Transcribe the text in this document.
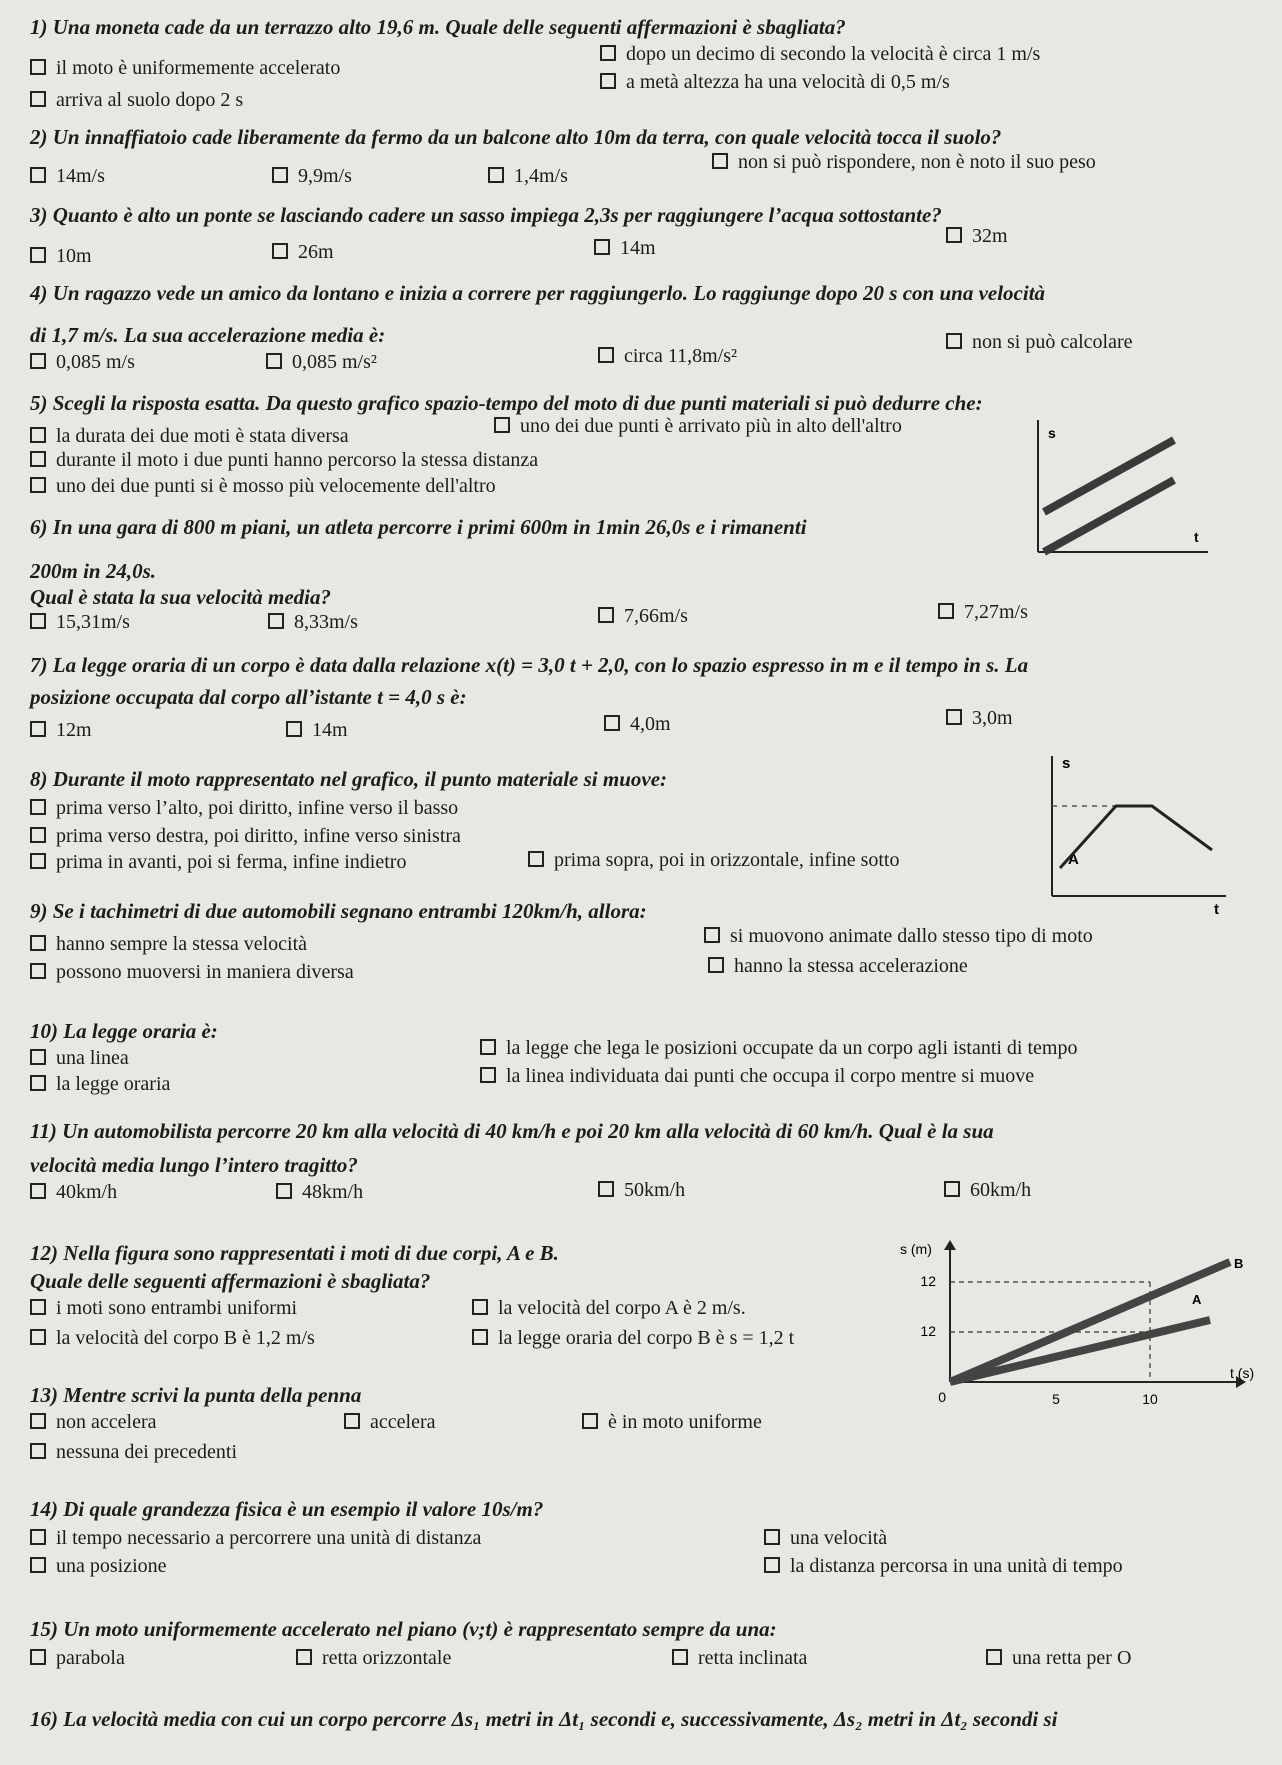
1) Una moneta cade da un terrazzo alto 19,6 m. Quale delle seguenti affermazioni è sbagliata?
il moto è uniformemente accelerato
dopo un decimo di secondo la velocità è circa 1 m/s
arriva al suolo dopo 2 s
a metà altezza ha una velocità di 0,5 m/s
2) Un innaffiatoio cade liberamente da fermo da un balcone alto 10m da terra, con quale velocità tocca il suolo?
14m/s	9,9m/s	1,4m/s
non si può rispondere, non è noto il suo peso
3) Quanto è alto un ponte se lasciando cadere un sasso impiega 2,3s per raggiungere l’acqua sottostante?
10m	26m	14m
32m
4) Un ragazzo vede un amico da lontano e inizia a correre per raggiungerlo. Lo raggiunge dopo 20 s con una velocità
di 1,7 m/s. La sua accelerazione media è:
0,085 m/s	0,085 m/s²	circa 11,8m/s²
non si può calcolare
5) Scegli la risposta esatta. Da questo grafico spazio-tempo del moto di due punti materiali si può dedurre che:
la durata dei due moti è stata diversa	uno dei due punti è arrivato più in alto dell'altro
durante il moto i due punti hanno percorso la stessa distanza
uno dei due punti si è mosso più velocemente dell'altro
s
t
6) In una gara di 800 m piani, un atleta percorre i primi 600m in 1min 26,0s e i rimanenti
200m in 24,0s.
Qual è stata la sua velocità media?
15,31m/s	8,33m/s	7,66m/s	7,27m/s
7) La legge oraria di un corpo è data dalla relazione x(t) = 3,0 t + 2,0, con lo spazio espresso in m e il tempo in s. La
posizione occupata dal corpo all’istante t = 4,0 s è:
12m	14m	4,0m	3,0m
8) Durante il moto rappresentato nel grafico, il punto materiale si muove:
prima verso l’alto, poi diritto, infine verso il basso
prima verso destra, poi diritto, infine verso sinistra
prima in avanti, poi si ferma, infine indietro	prima sopra, poi in orizzontale, infine sotto
s
t
A
9) Se i tachimetri di due automobili segnano entrambi 120km/h, allora:
hanno sempre la stessa velocità	si muovono animate dallo stesso tipo di moto
possono muoversi in maniera diversa	hanno la stessa accelerazione
10) La legge oraria è:
una linea	la legge che lega le posizioni occupate da un corpo agli istanti di tempo
la legge oraria	la linea individuata dai punti che occupa il corpo mentre si muove
11) Un automobilista percorre 20 km alla velocità di 40 km/h e poi 20 km alla velocità di 60 km/h. Qual è la sua
velocità media lungo l’intero tragitto?
40km/h	48km/h	50km/h	60km/h
12) Nella figura sono rappresentati i moti di due corpi, A e B.
Quale delle seguenti affermazioni è sbagliata?
i moti sono entrambi uniformi	la velocità del corpo A è 2 m/s.
la velocità del corpo B è 1,2 m/s	la legge oraria del corpo B è s = 1,2 t
s (m)
t (s)
12
12
0	5	10
B
A
13) Mentre scrivi la punta della penna
non accelera	accelera	è in moto uniforme
nessuna dei precedenti
14) Di quale grandezza fisica è un esempio il valore 10s/m?
il tempo necessario a percorrere una unità di distanza	una velocità
una posizione	la distanza percorsa in una unità di tempo
15) Un moto uniformemente accelerato nel piano (v;t) è rappresentato sempre da una:
parabola	retta orizzontale	retta inclinata	una retta per O
16) La velocità media con cui un corpo percorre Δs₁ metri in Δt₁ secondi e, successivamente, Δs₂ metri in Δt₂ secondi si
